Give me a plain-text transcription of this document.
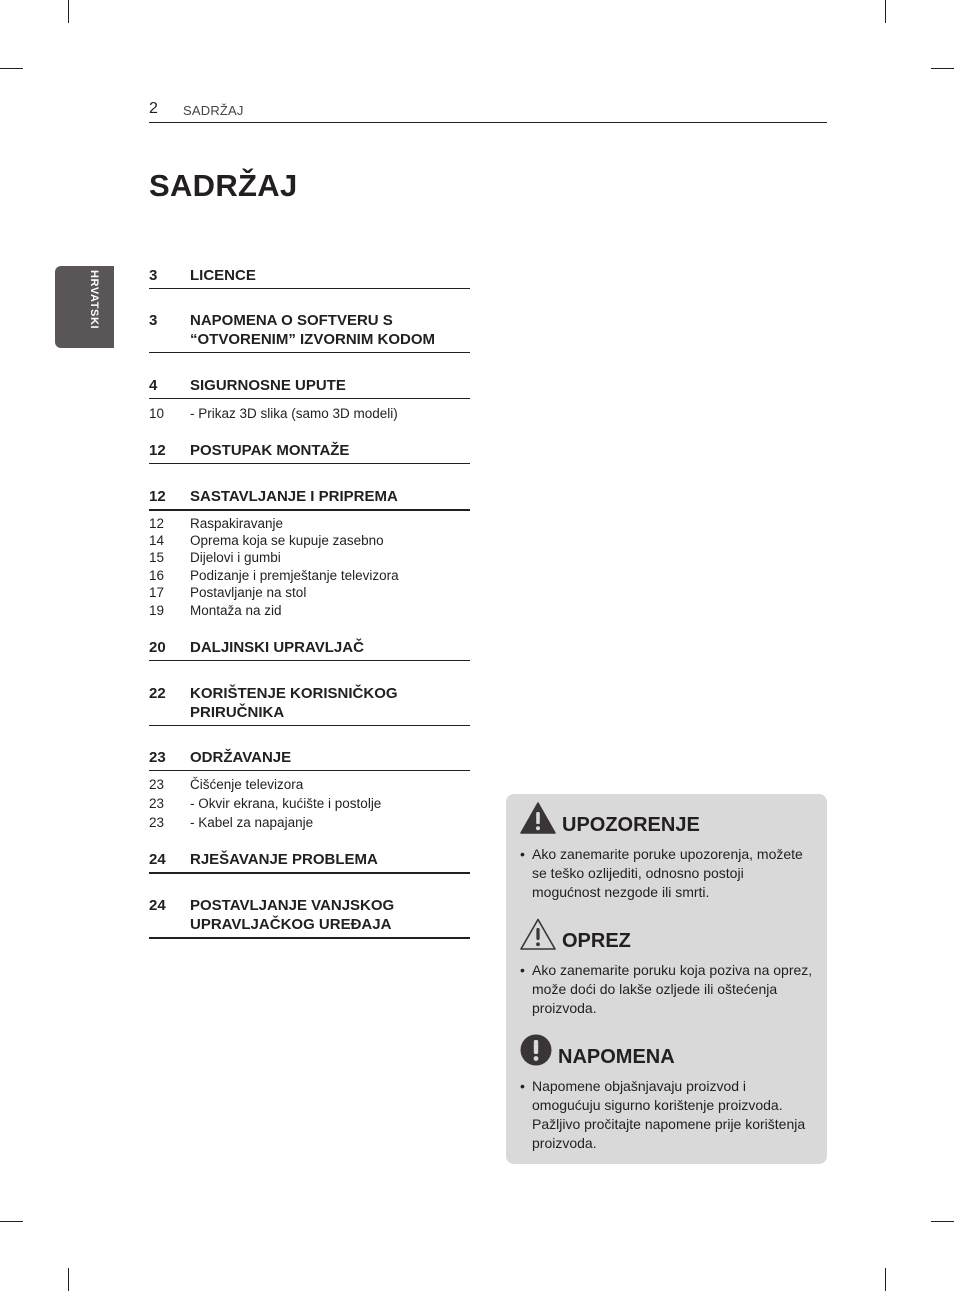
2 SADRŽAJ
SADRŽAJ
HRVATSKI	3 LICENCE
3 NAPOMENA O SOFTVERU S “OTVORENIM” IZVORNIM KODOM
4 SIGURNOSNE UPUTE
10 - Prikaz 3D slika (samo 3D modeli)
12 POSTUPAK MONTAŽE
12 SASTAVLJANJE I PRIPREMA
12 Raspakiravanje
14 Oprema koja se kupuje zasebno
15 Dijelovi i gumbi
16 Podizanje i premještanje televizora
17 Postavljanje na stol
19 Montaža na zid
20 DALJINSKI UPRAVLJAČ
22 KORIŠTENJE KORISNIČKOG PRIRUČNIKA
23 ODRŽAVANJE
23 Čišćenje televizora
23 - Okvir ekrana, kućište i postolje
23 - Kabel za napajanje
24 RJEŠAVANJE PROBLEMA
24 POSTAVLJANJE VANJSKOG UPRAVLJAČKOG UREĐAJA
UPOZORENJE
• Ako zanemarite poruke upozorenja, možete se teško ozlijediti, odnosno postoji mogućnost nezgode ili smrti.
OPREZ
• Ako zanemarite poruku koja poziva na oprez, može doći do lakše ozljede ili oštećenja proizvoda.
NAPOMENA
• Napomene objašnjavaju proizvod i omogućuju sigurno korištenje proizvoda. Pažljivo pročitajte napomene prije korištenja proizvoda.
